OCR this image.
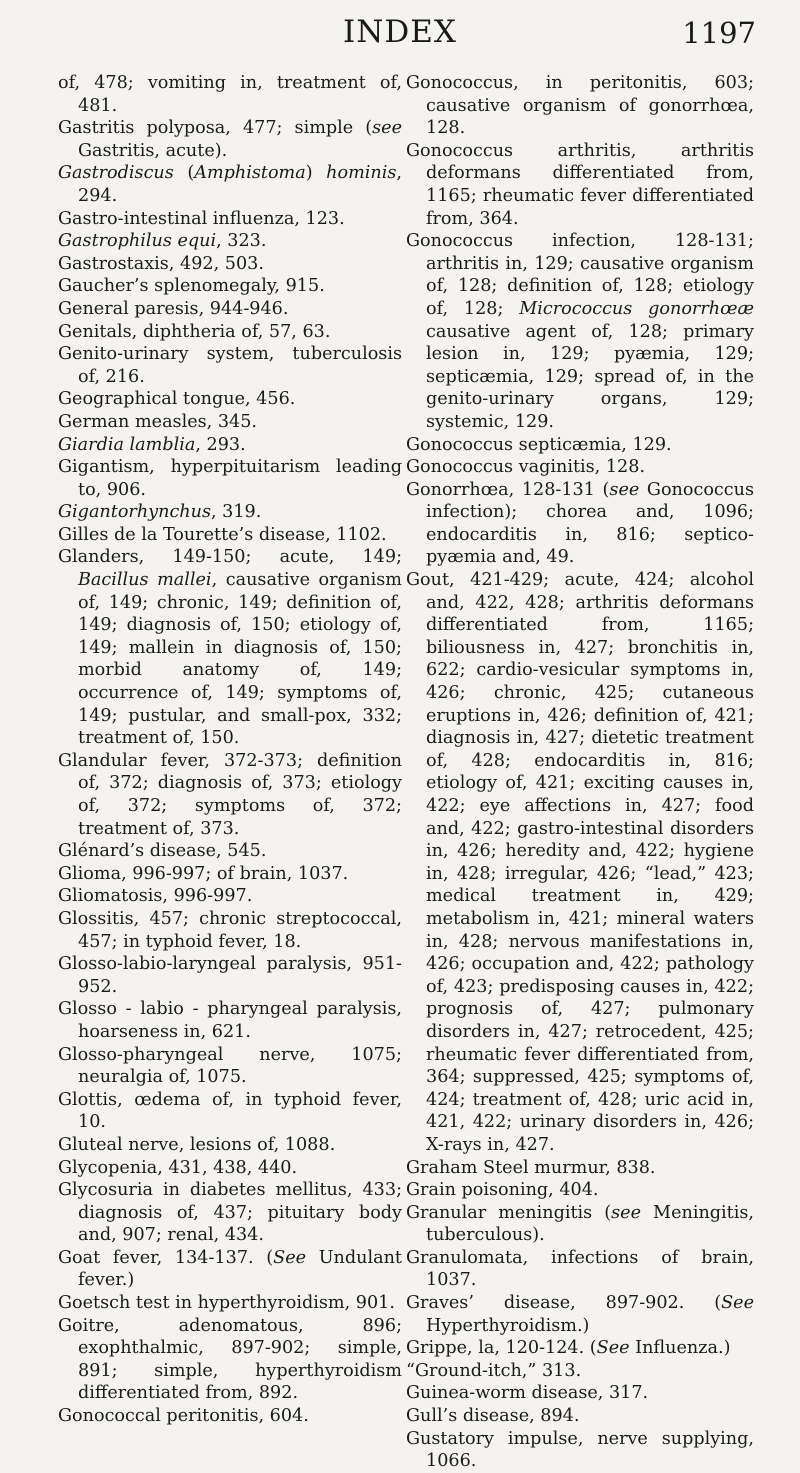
INDEX	1197

of, 478; vomiting in, treatment of, 481.

Gastritis polyposa, 477; simple (see Gastritis, acute).

Gastrodiscus (Amphistoma) hominis, 294.

Gastro-intestinal influenza, 123.

Gastrophilus equi, 323.

Gastrostaxis, 492, 503.

Gaucher’s splenomegaly, 915.

General paresis, 944-946.

Genitals, diphtheria of, 57, 63.

Genito-urinary system, tuberculosis of, 216.

Geographical tongue, 456.

German measles, 345.

Giardia lamblia, 293.

Gigantism, hyperpituitarism leading to, 906.

Gigantorhynchus, 319.

Gilles de la Tourette’s disease, 1102.

Glanders, 149-150; acute, 149; Bacillus mallei, causative organism of, 149; chronic, 149; definition of, 149; diagnosis of, 150; etiology of, 149; mallein in diagnosis of, 150; morbid anatomy of, 149; occurrence of, 149; symptoms of, 149; pustular, and small-pox, 332; treatment of, 150.

Glandular fever, 372-373; definition of, 372; diagnosis of, 373; etiology of, 372; symptoms of, 372; treatment of, 373.

Glénard’s disease, 545.

Glioma, 996-997; of brain, 1037.

Gliomatosis, 996-997.

Glossitis, 457; chronic streptococcal, 457; in typhoid fever, 18.

Glosso-labio-laryngeal paralysis, 951-952.

Glosso - labio - pharyngeal paralysis, hoarseness in, 621.

Glosso-pharyngeal nerve, 1075; neuralgia of, 1075.

Glottis, œdema of, in typhoid fever, 10.

Gluteal nerve, lesions of, 1088.

Glycopenia, 431, 438, 440.

Glycosuria in diabetes mellitus, 433; diagnosis of, 437; pituitary body and, 907; renal, 434.

Goat fever, 134-137. (See Undulant fever.)

Goetsch test in hyperthyroidism, 901.

Goitre, adenomatous, 896; exophthalmic, 897-902; simple, 891; simple, hyperthyroidism differentiated from, 892.

Gonococcal peritonitis, 604.

Gonococcus, in peritonitis, 603; causative organism of gonorrhœa, 128.

Gonococcus arthritis, arthritis deformans differentiated from, 1165; rheumatic fever differentiated from, 364.

Gonococcus infection, 128-131; arthritis in, 129; causative organism of, 128; definition of, 128; etiology of, 128; Micrococcus gonorrhœæ causative agent of, 128; primary lesion in, 129; pyæmia, 129; septicæmia, 129; spread of, in the genito-urinary organs, 129; systemic, 129.

Gonococcus septicæmia, 129.

Gonococcus vaginitis, 128.

Gonorrhœa, 128-131 (see Gonococcus infection); chorea and, 1096; endocarditis in, 816; septico-pyæmia and, 49.

Gout, 421-429; acute, 424; alcohol and, 422, 428; arthritis deformans differentiated from, 1165; biliousness in, 427; bronchitis in, 622; cardio-vesicular symptoms in, 426; chronic, 425; cutaneous eruptions in, 426; definition of, 421; diagnosis in, 427; dietetic treatment of, 428; endocarditis in, 816; etiology of, 421; exciting causes in, 422; eye affections in, 427; food and, 422; gastro-intestinal disorders in, 426; heredity and, 422; hygiene in, 428; irregular, 426; “lead,” 423; medical treatment in, 429; metabolism in, 421; mineral waters in, 428; nervous manifestations in, 426; occupation and, 422; pathology of, 423; predisposing causes in, 422; prognosis of, 427; pulmonary disorders in, 427; retrocedent, 425; rheumatic fever differentiated from, 364; suppressed, 425; symptoms of, 424; treatment of, 428; uric acid in, 421, 422; urinary disorders in, 426; X-rays in, 427.

Graham Steel murmur, 838.

Grain poisoning, 404.

Granular meningitis (see Meningitis, tuberculous).

Granulomata, infections of brain, 1037.

Graves’ disease, 897-902. (See Hyperthyroidism.)

Grippe, la, 120-124. (See Influenza.)

“Ground-itch,” 313.

Guinea-worm disease, 317.

Gull’s disease, 894.

Gustatory impulse, nerve supplying, 1066.
